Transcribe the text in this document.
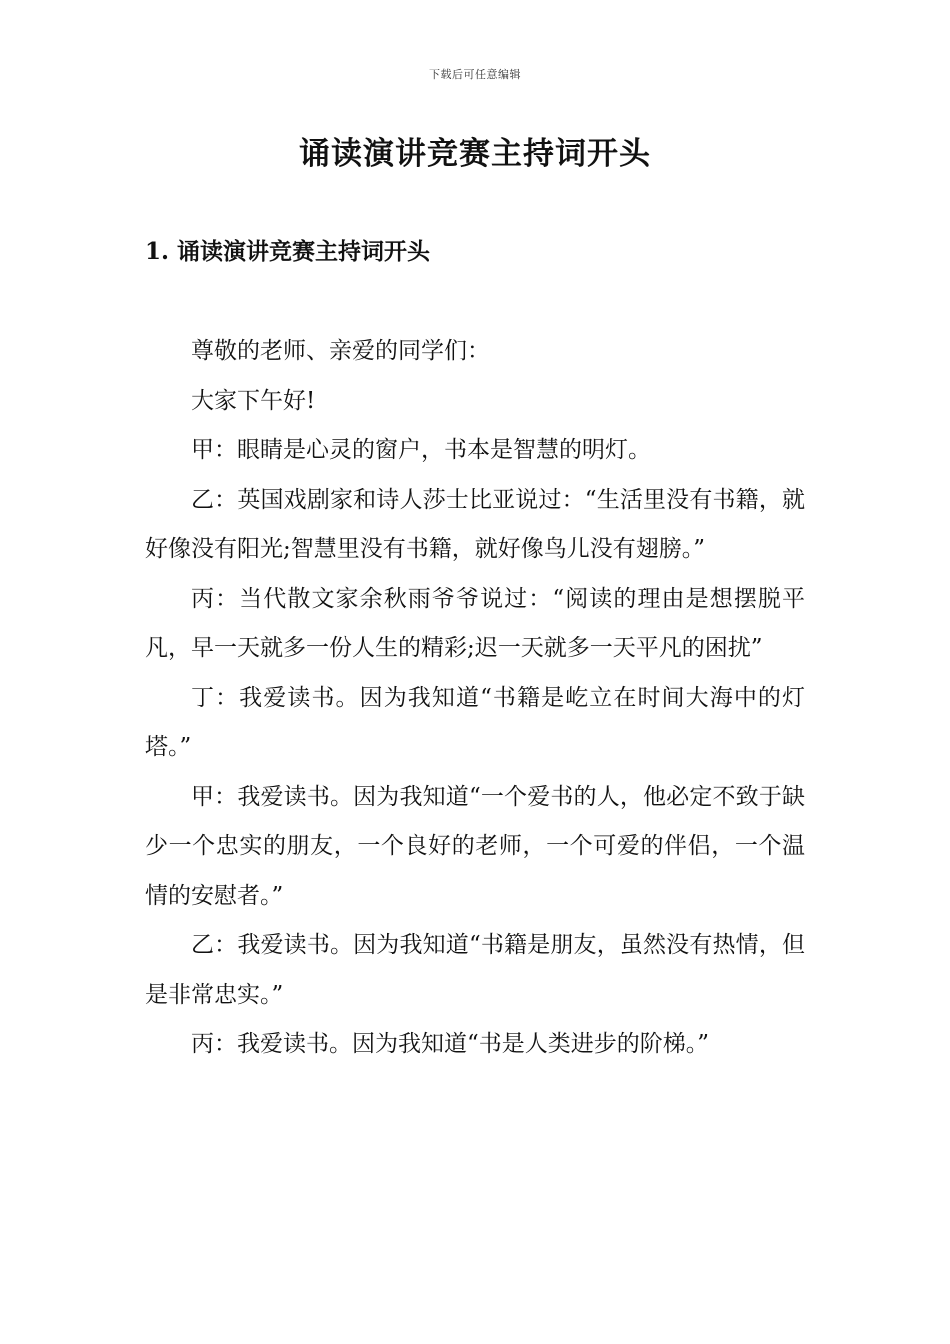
下载后可任意编辑
诵读演讲竞赛主持词开头
1. 诵读演讲竞赛主持词开头

尊敬的老师、亲爱的同学们：

大家下午好!

甲：眼睛是心灵的窗户，书本是智慧的明灯。

乙：英国戏剧家和诗人莎士比亚说过：“生活里没有书籍，就好像没有阳光;智慧里没有书籍，就好像鸟儿没有翅膀。”

丙：当代散文家余秋雨爷爷说过：“阅读的理由是想摆脱平凡，早一天就多一份人生的精彩;迟一天就多一天平凡的困扰”

丁：我爱读书。因为我知道“书籍是屹立在时间大海中的灯塔。”

甲：我爱读书。因为我知道“一个爱书的人，他必定不致于缺少一个忠实的朋友，一个良好的老师，一个可爱的伴侣，一个温情的安慰者。”

乙：我爱读书。因为我知道“书籍是朋友，虽然没有热情，但是非常忠实。”

丙：我爱读书。因为我知道“书是人类进步的阶梯。”
